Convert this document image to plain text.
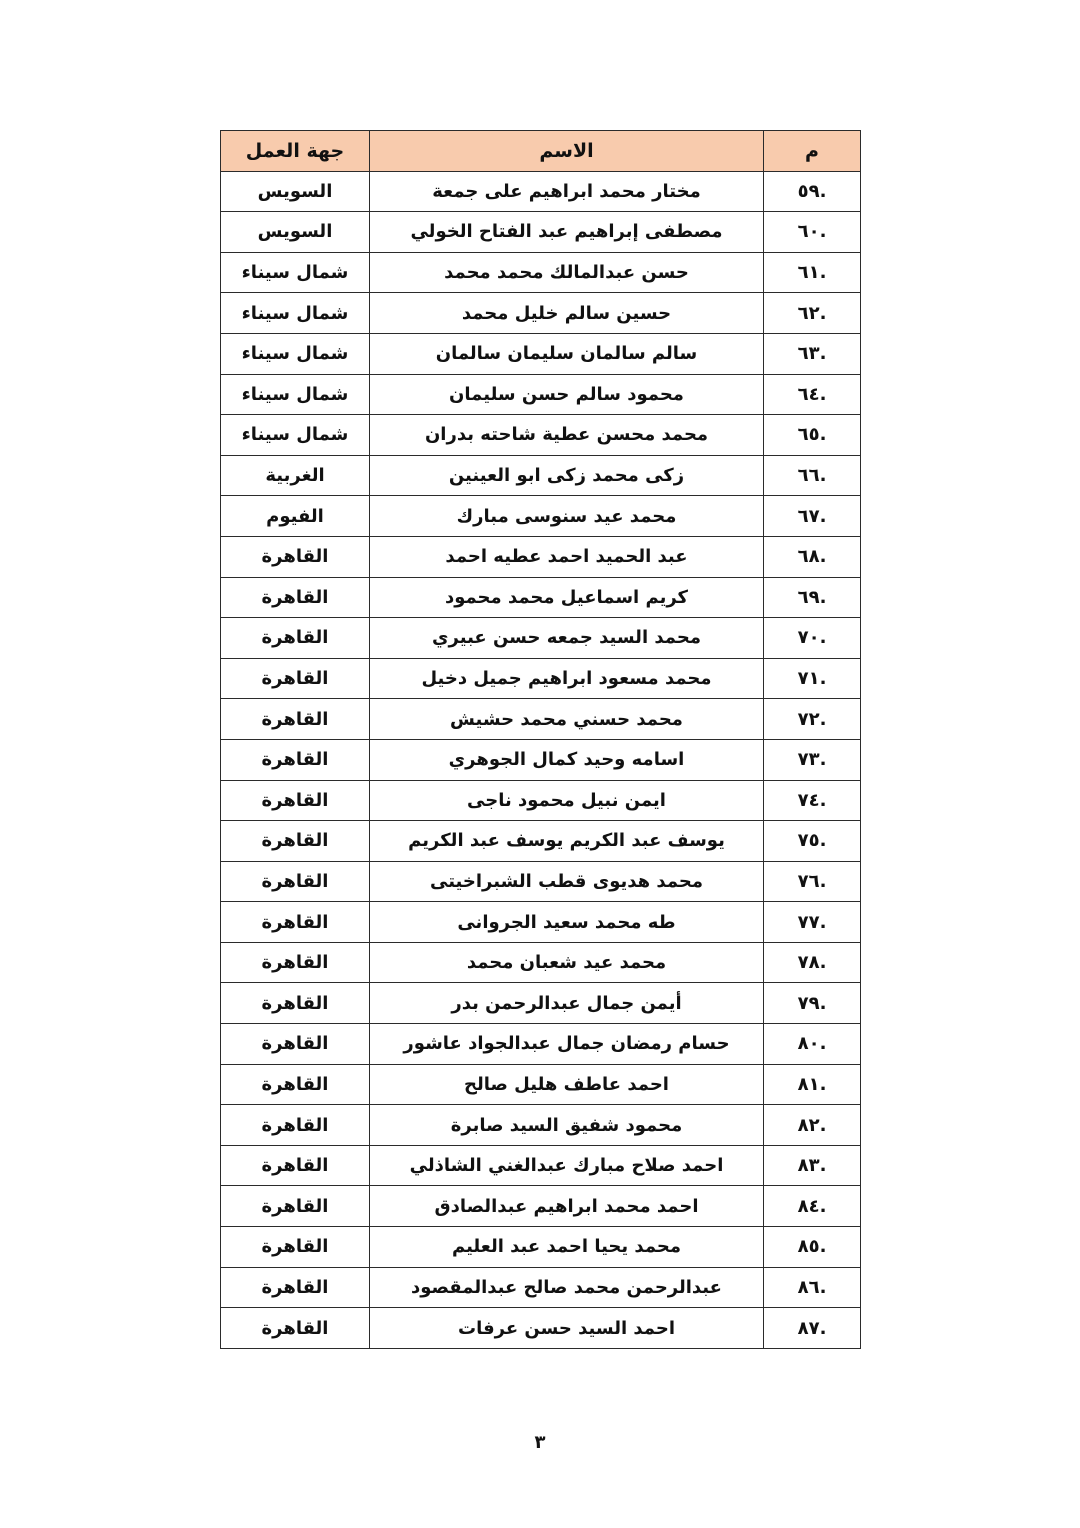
م	الاسم	جهة العمل
.٥٩	مختار محمد ابراهيم على جمعة	السويس
.٦٠	مصطفى إبراهيم عبد الفتاح الخولي	السويس
.٦١	حسن عبدالمالك محمد محمد	شمال سيناء
.٦٢	حسين سالم خليل محمد	شمال سيناء
.٦٣	سالم سالمان سليمان سالمان	شمال سيناء
.٦٤	محمود سالم حسن سليمان	شمال سيناء
.٦٥	محمد محسن عطية شاحته بدران	شمال سيناء
.٦٦	زكى محمد زكى ابو العينين	الغربية
.٦٧	محمد عيد سنوسى مبارك	الفيوم
.٦٨	عبد الحميد احمد عطيه احمد	القاهرة
.٦٩	كريم اسماعيل محمد محمود	القاهرة
.٧٠	محمد السيد جمعه حسن عبيري	القاهرة
.٧١	محمد مسعود ابراهيم جميل دخيل	القاهرة
.٧٢	محمد حسني محمد حشيش	القاهرة
.٧٣	اسامه وحيد كمال الجوهري	القاهرة
.٧٤	ايمن نبيل محمود ناجى	القاهرة
.٧٥	يوسف عبد الكريم يوسف عبد الكريم	القاهرة
.٧٦	محمد هديوى قطب الشبراخيتى	القاهرة
.٧٧	طه محمد سعيد الجروانى	القاهرة
.٧٨	محمد عيد شعبان محمد	القاهرة
.٧٩	أيمن جمال عبدالرحمن بدر	القاهرة
.٨٠	حسام رمضان جمال عبدالجواد عاشور	القاهرة
.٨١	احمد عاطف هليل صالح	القاهرة
.٨٢	محمود شفيق السيد صابرة	القاهرة
.٨٣	احمد صلاح مبارك عبدالغني الشاذلي	القاهرة
.٨٤	احمد محمد ابراهيم عبدالصادق	القاهرة
.٨٥	محمد يحيا احمد عبد العليم	القاهرة
.٨٦	عبدالرحمن محمد صالح عبدالمقصود	القاهرة
.٨٧	احمد السيد حسن عرفات	القاهرة
٣
